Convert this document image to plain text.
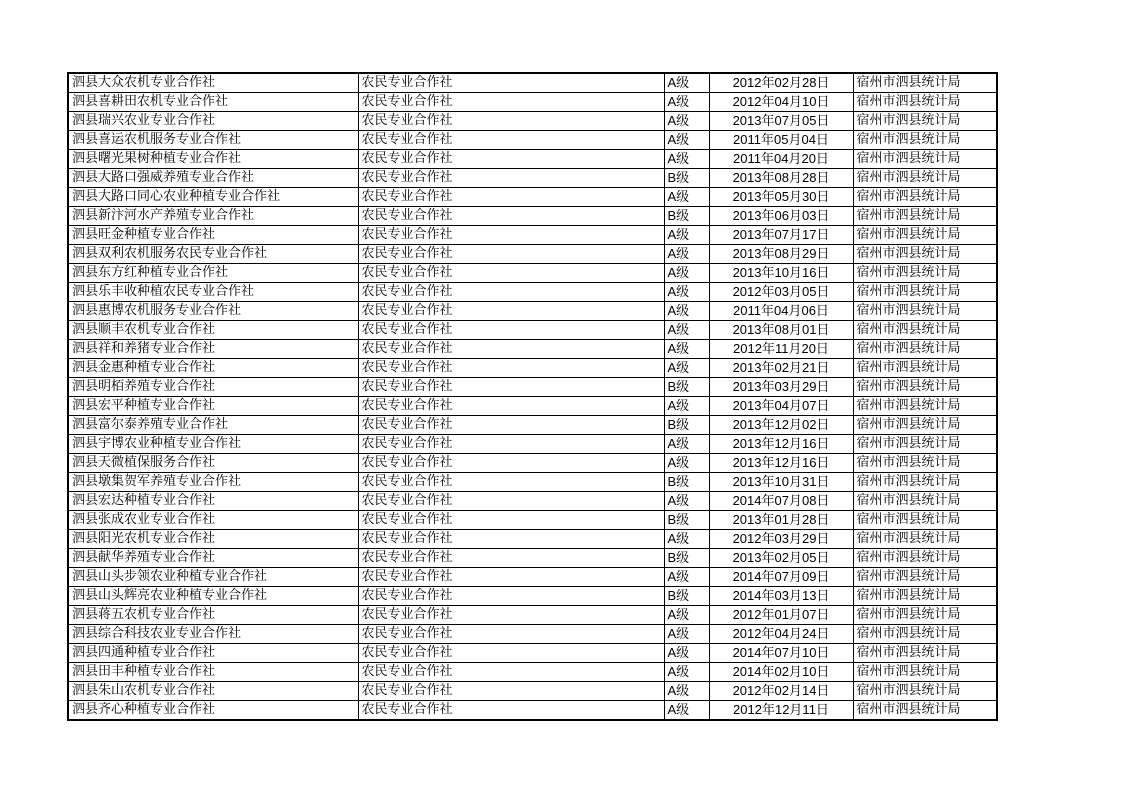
泗县大众农机专业合作社	农民专业合作社	A级	2012年02月28日	宿州市泗县统计局
泗县喜耕田农机专业合作社	农民专业合作社	A级	2012年04月10日	宿州市泗县统计局
泗县瑞兴农业专业合作社	农民专业合作社	A级	2013年07月05日	宿州市泗县统计局
泗县喜运农机服务专业合作社	农民专业合作社	A级	2011年05月04日	宿州市泗县统计局
泗县曙光果树种植专业合作社	农民专业合作社	A级	2011年04月20日	宿州市泗县统计局
泗县大路口强威养殖专业合作社	农民专业合作社	B级	2013年08月28日	宿州市泗县统计局
泗县大路口同心农业种植专业合作社	农民专业合作社	A级	2013年05月30日	宿州市泗县统计局
泗县新汴河水产养殖专业合作社	农民专业合作社	B级	2013年06月03日	宿州市泗县统计局
泗县旺金种植专业合作社	农民专业合作社	A级	2013年07月17日	宿州市泗县统计局
泗县双利农机服务农民专业合作社	农民专业合作社	A级	2013年08月29日	宿州市泗县统计局
泗县东方红种植专业合作社	农民专业合作社	A级	2013年10月16日	宿州市泗县统计局
泗县乐丰收种植农民专业合作社	农民专业合作社	A级	2012年03月05日	宿州市泗县统计局
泗县惠博农机服务专业合作社	农民专业合作社	A级	2011年04月06日	宿州市泗县统计局
泗县顺丰农机专业合作社	农民专业合作社	A级	2013年08月01日	宿州市泗县统计局
泗县祥和养猪专业合作社	农民专业合作社	A级	2012年11月20日	宿州市泗县统计局
泗县金惠种植专业合作社	农民专业合作社	A级	2013年02月21日	宿州市泗县统计局
泗县明栢养殖专业合作社	农民专业合作社	B级	2013年03月29日	宿州市泗县统计局
泗县宏平种植专业合作社	农民专业合作社	A级	2013年04月07日	宿州市泗县统计局
泗县富尔泰养殖专业合作社	农民专业合作社	B级	2013年12月02日	宿州市泗县统计局
泗县宇博农业种植专业合作社	农民专业合作社	A级	2013年12月16日	宿州市泗县统计局
泗县天微植保服务合作社	农民专业合作社	A级	2013年12月16日	宿州市泗县统计局
泗县墩集贺军养殖专业合作社	农民专业合作社	B级	2013年10月31日	宿州市泗县统计局
泗县宏达种植专业合作社	农民专业合作社	A级	2014年07月08日	宿州市泗县统计局
泗县张成农业专业合作社	农民专业合作社	B级	2013年01月28日	宿州市泗县统计局
泗县阳光农机专业合作社	农民专业合作社	A级	2012年03月29日	宿州市泗县统计局
泗县献华养殖专业合作社	农民专业合作社	B级	2013年02月05日	宿州市泗县统计局
泗县山头步领农业种植专业合作社	农民专业合作社	A级	2014年07月09日	宿州市泗县统计局
泗县山头辉亮农业种植专业合作社	农民专业合作社	B级	2014年03月13日	宿州市泗县统计局
泗县蒋五农机专业合作社	农民专业合作社	A级	2012年01月07日	宿州市泗县统计局
泗县综合科技农业专业合作社	农民专业合作社	A级	2012年04月24日	宿州市泗县统计局
泗县四通种植专业合作社	农民专业合作社	A级	2014年07月10日	宿州市泗县统计局
泗县田丰种植专业合作社	农民专业合作社	A级	2014年02月10日	宿州市泗县统计局
泗县朱山农机专业合作社	农民专业合作社	A级	2012年02月14日	宿州市泗县统计局
泗县齐心种植专业合作社	农民专业合作社	A级	2012年12月11日	宿州市泗县统计局
